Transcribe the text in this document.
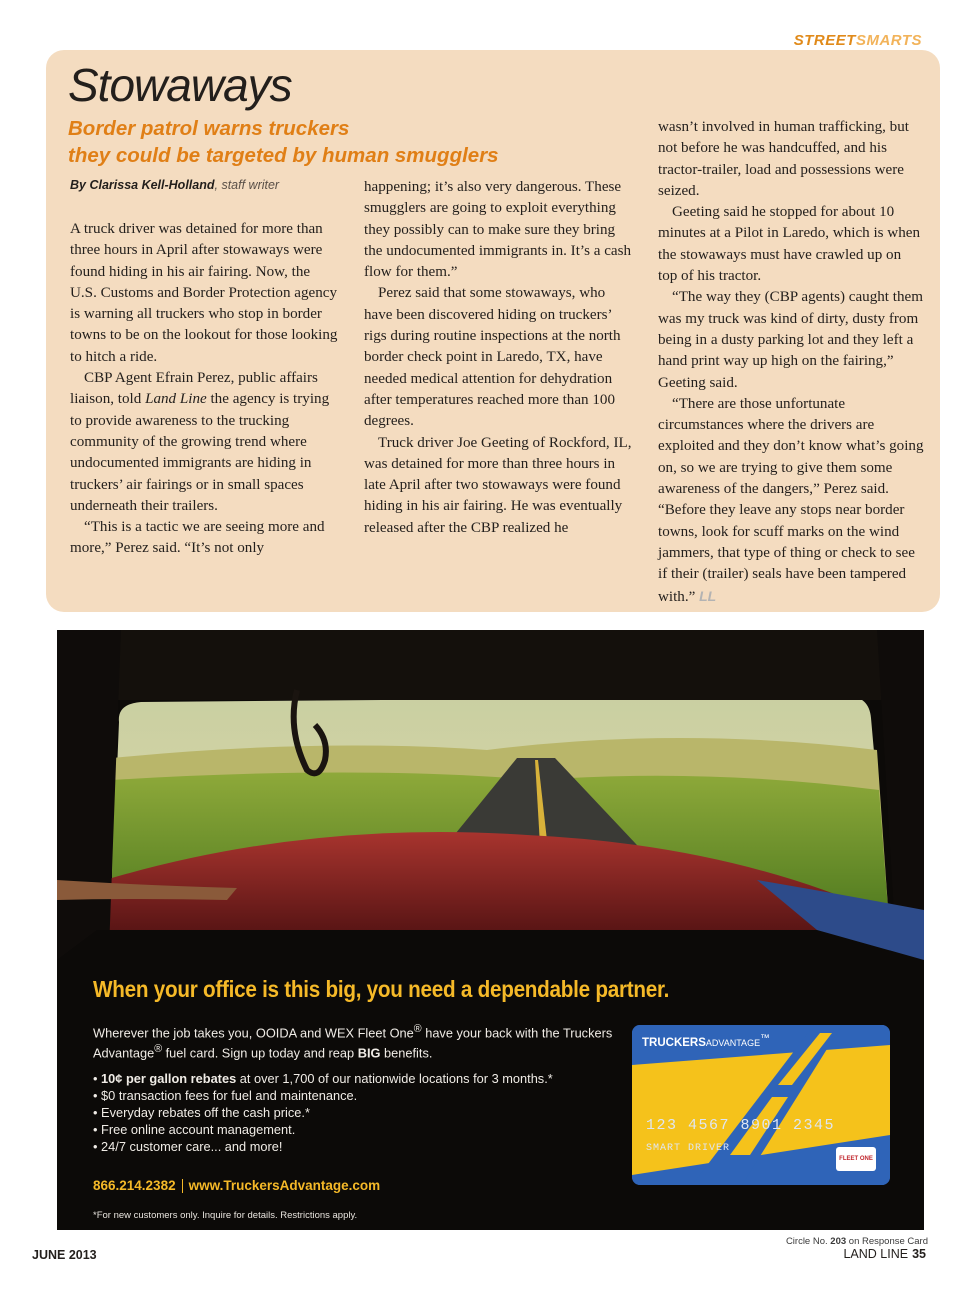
STREETSMARTS
Stowaways
Border patrol warns truckers
they could be targeted by human smugglers
By Clarissa Kell-Holland, staff writer

A truck driver was detained for more than three hours in April after stowaways were found hiding in his air fairing. Now, the U.S. Customs and Border Protection agency is warning all truckers who stop in border towns to be on the lookout for those looking to hitch a ride.

CBP Agent Efrain Perez, public affairs liaison, told Land Line the agency is trying to provide awareness to the trucking community of the growing trend where undocumented immigrants are hiding in truckers’ air fairings or in small spaces underneath their trailers.

“This is a tactic we are seeing more and more,” Perez said. “It’s not only

happening; it’s also very dangerous. These smugglers are going to exploit everything they possibly can to make sure they bring the undocumented immigrants in. It’s a cash flow for them.”

Perez said that some stowaways, who have been discovered hiding on truckers’ rigs during routine inspections at the north border check point in Laredo, TX, have needed medical attention for dehydration after temperatures reached more than 100 degrees.

Truck driver Joe Geeting of Rockford, IL, was detained for more than three hours in late April after two stowaways were found hiding in his air fairing. He was eventually released after the CBP realized he

wasn’t involved in human trafficking, but not before he was handcuffed, and his tractor-trailer, load and possessions were seized.

Geeting said he stopped for about 10 minutes at a Pilot in Laredo, which is when the stowaways must have crawled up on top of his tractor.

“The way they (CBP agents) caught them was my truck was kind of dirty, dusty from being in a dusty parking lot and they left a hand print way up high on the fairing,” Geeting said.

“There are those unfortunate circumstances where the drivers are exploited and they don’t know what’s going on, so we are trying to give them some awareness of the dangers,” Perez said. “Before they leave any stops near border towns, look for scuff marks on the wind jammers, that type of thing or check to see if their (trailer) seals have been tampered with.” LL

When your office is this big, you need a dependable partner.
Wherever the job takes you, OOIDA and WEX Fleet One® have your back with the Truckers Advantage® fuel card. Sign up today and reap BIG benefits.
• 10¢ per gallon rebates at over 1,700 of our nationwide locations for 3 months.*
• $0 transaction fees for fuel and maintenance.
• Everyday rebates off the cash price.*
• Free online account management.
• 24/7 customer care... and more!
866.214.2382 www.TruckersAdvantage.com
*For new customers only. Inquire for details. Restrictions apply.
TRUCKERSADVANTAGE™
123 4567 8901 2345
SMART DRIVER
FLEET ONE
Circle No. 203 on Response Card
JUNE 2013	LAND LINE 35
